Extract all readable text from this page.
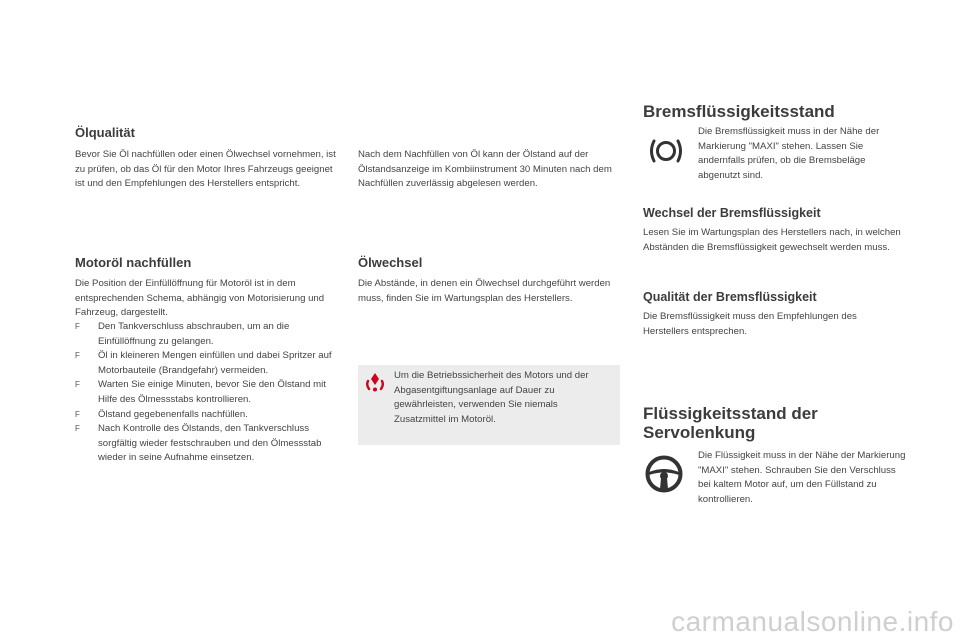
Ölqualität

Bevor Sie Öl nachfüllen oder einen Ölwechsel vornehmen, ist zu prüfen, ob das Öl für den Motor Ihres Fahrzeugs geeignet ist und den Empfehlungen des Herstellers entspricht.

Motoröl nachfüllen

Die Position der Einfüllöffnung für Motoröl ist in dem entsprechenden Schema, abhängig von Motorisierung und Fahrzeug, dargestellt.

F Den Tankverschluss abschrauben, um an die Einfüllöffnung zu gelangen.
F Öl in kleineren Mengen einfüllen und dabei Spritzer auf Motorbauteile (Brandgefahr) vermeiden.
F Warten Sie einige Minuten, bevor Sie den Ölstand mit Hilfe des Ölmessstabs kontrollieren.
F Ölstand gegebenenfalls nachfüllen.
F Nach Kontrolle des Ölstands, den Tankverschluss sorgfältig wieder festschrauben und den Ölmessstab wieder in seine Aufnahme einsetzen.

Nach dem Nachfüllen von Öl kann der Ölstand auf der Ölstandsanzeige im Kombiinstrument 30 Minuten nach dem Nachfüllen zuverlässig abgelesen werden.

Ölwechsel

Die Abstände, in denen ein Ölwechsel durchgeführt werden muss, finden Sie im Wartungsplan des Herstellers.

Um die Betriebssicherheit des Motors und der Abgasentgiftungsanlage auf Dauer zu gewährleisten, verwenden Sie niemals Zusatzmittel im Motoröl.

Bremsflüssigkeitsstand

Die Bremsflüssigkeit muss in der Nähe der Markierung "MAXI" stehen. Lassen Sie andernfalls prüfen, ob die Bremsbeläge abgenutzt sind.

Wechsel der Bremsflüssigkeit

Lesen Sie im Wartungsplan des Herstellers nach, in welchen Abständen die Bremsflüssigkeit gewechselt werden muss.

Qualität der Bremsflüssigkeit

Die Bremsflüssigkeit muss den Empfehlungen des Herstellers entsprechen.

Flüssigkeitsstand der
Servolenkung

Die Flüssigkeit muss in der Nähe der Markierung "MAXI" stehen. Schrauben Sie den Verschluss bei kaltem Motor auf, um den Füllstand zu kontrollieren.

carmanualsonline.info
